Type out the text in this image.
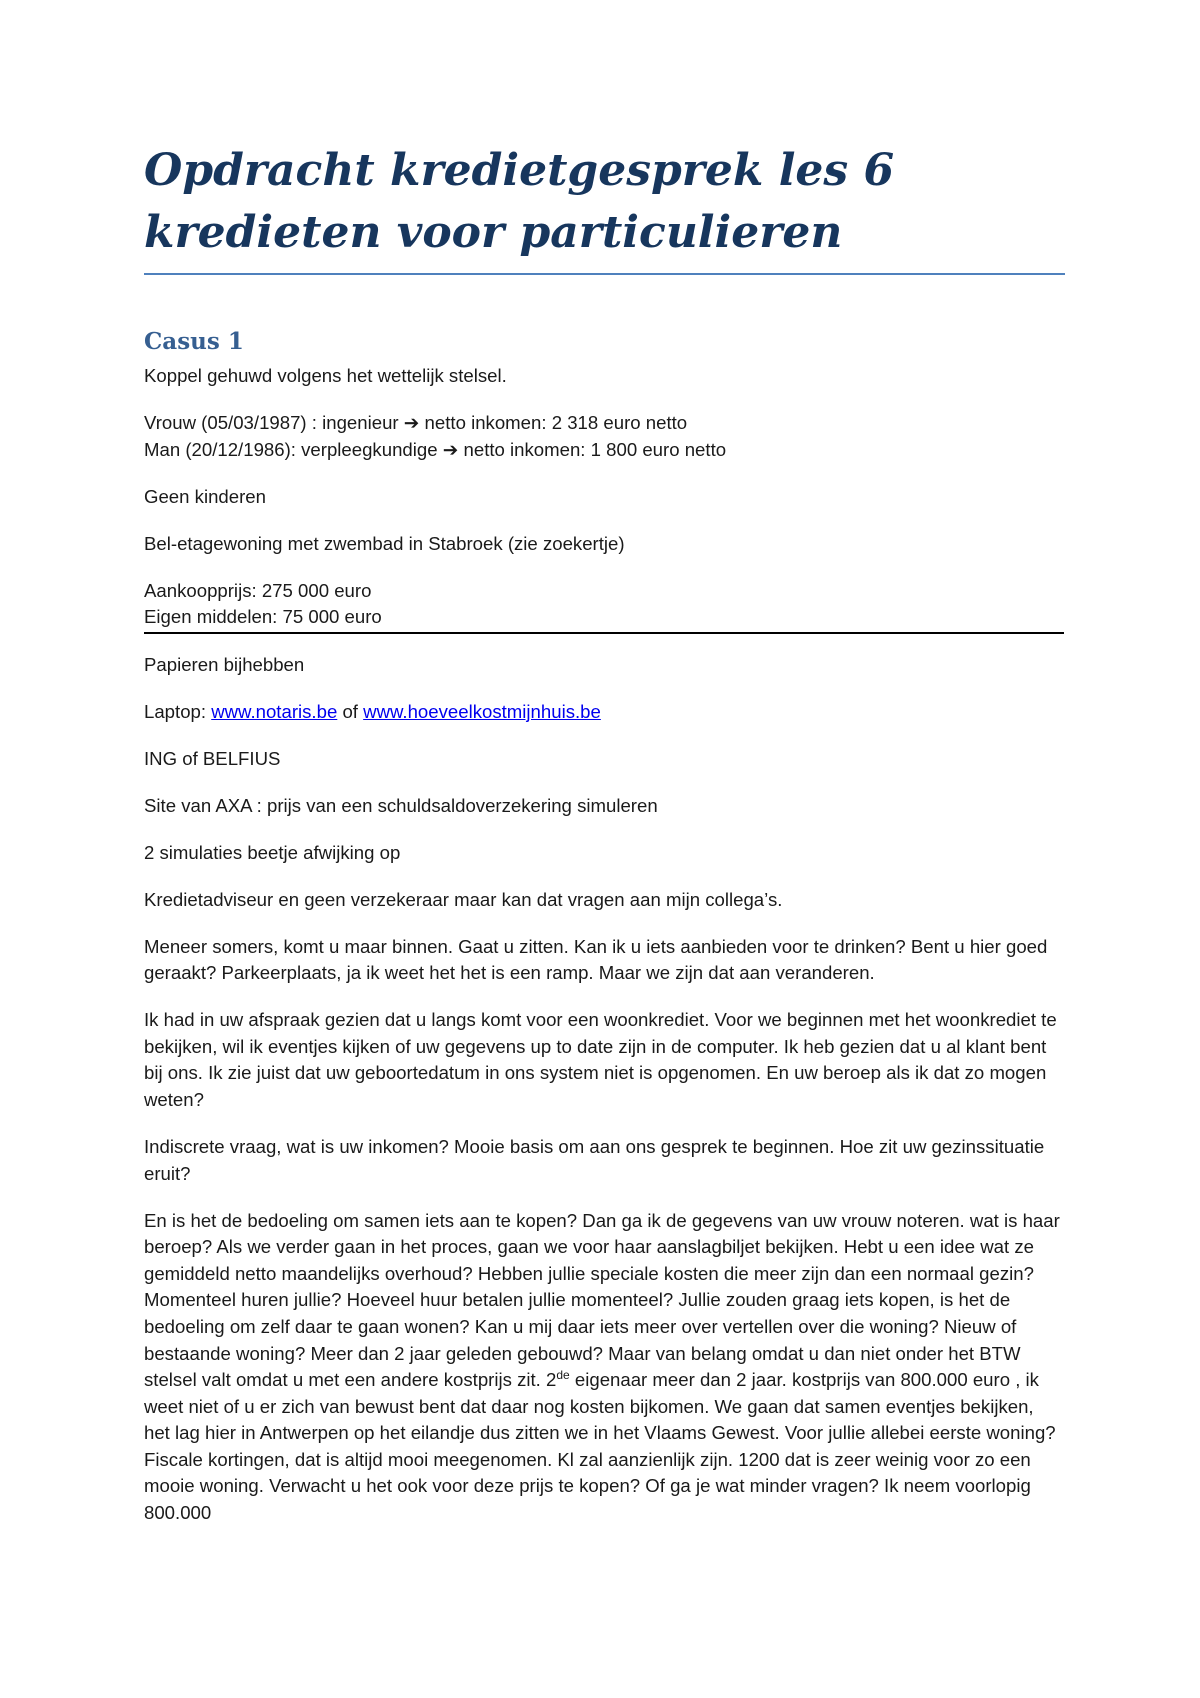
Opdracht kredietgesprek les 6 kredieten voor particulieren
Casus 1

Koppel gehuwd volgens het wettelijk stelsel.

Vrouw (05/03/1987) : ingenieur ➔ netto inkomen: 2 318 euro netto

Man (20/12/1986): verpleegkundige ➔ netto inkomen: 1 800 euro netto

Geen kinderen

Bel-etagewoning met zwembad in Stabroek (zie zoekertje)

Aankoopprijs: 275 000 euro

Eigen middelen: 75 000 euro

Papieren bijhebben

Laptop: www.notaris.be of www.hoeveelkostmijnhuis.be

ING of BELFIUS

Site van AXA : prijs van een schuldsaldoverzekering simuleren

2 simulaties beetje afwijking op

Kredietadviseur en geen verzekeraar maar kan dat vragen aan mijn collega’s.

Meneer somers, komt u maar binnen. Gaat u zitten. Kan ik u iets aanbieden voor te drinken? Bent u hier goed geraakt? Parkeerplaats, ja ik weet het het is een ramp. Maar we zijn dat aan veranderen.

Ik had in uw afspraak gezien dat u langs komt voor een woonkrediet. Voor we beginnen met het woonkrediet te bekijken, wil ik eventjes kijken of uw gegevens up to date zijn in de computer. Ik heb gezien dat u al klant bent bij ons. Ik zie juist dat uw geboortedatum in ons system niet is opgenomen. En uw beroep als ik dat zo mogen weten?

Indiscrete vraag, wat is uw inkomen? Mooie basis om aan ons gesprek te beginnen. Hoe zit uw gezinssituatie eruit?

En is het de bedoeling om samen iets aan te kopen? Dan ga ik de gegevens van uw vrouw noteren. wat is haar beroep? Als we verder gaan in het proces, gaan we voor haar aanslagbiljet bekijken. Hebt u een idee wat ze gemiddeld netto maandelijks overhoud? Hebben jullie speciale kosten die meer zijn dan een normaal gezin? Momenteel huren jullie? Hoeveel huur betalen jullie momenteel? Jullie zouden graag iets kopen, is het de bedoeling om zelf daar te gaan wonen? Kan u mij daar iets meer over vertellen over die woning? Nieuw of bestaande woning? Meer dan 2 jaar geleden gebouwd? Maar van belang omdat u dan niet onder het BTW stelsel valt omdat u met een andere kostprijs zit. 2de eigenaar meer dan 2 jaar. kostprijs van 800.000 euro , ik weet niet of u er zich van bewust bent dat daar nog kosten bijkomen. We gaan dat samen eventjes bekijken, het lag hier in Antwerpen op het eilandje dus zitten we in het Vlaams Gewest. Voor jullie allebei eerste woning? Fiscale kortingen, dat is altijd mooi meegenomen. Kl zal aanzienlijk zijn. 1200 dat is zeer weinig voor zo een mooie woning. Verwacht u het ook voor deze prijs te kopen? Of ga je wat minder vragen? Ik neem voorlopig 800.000
